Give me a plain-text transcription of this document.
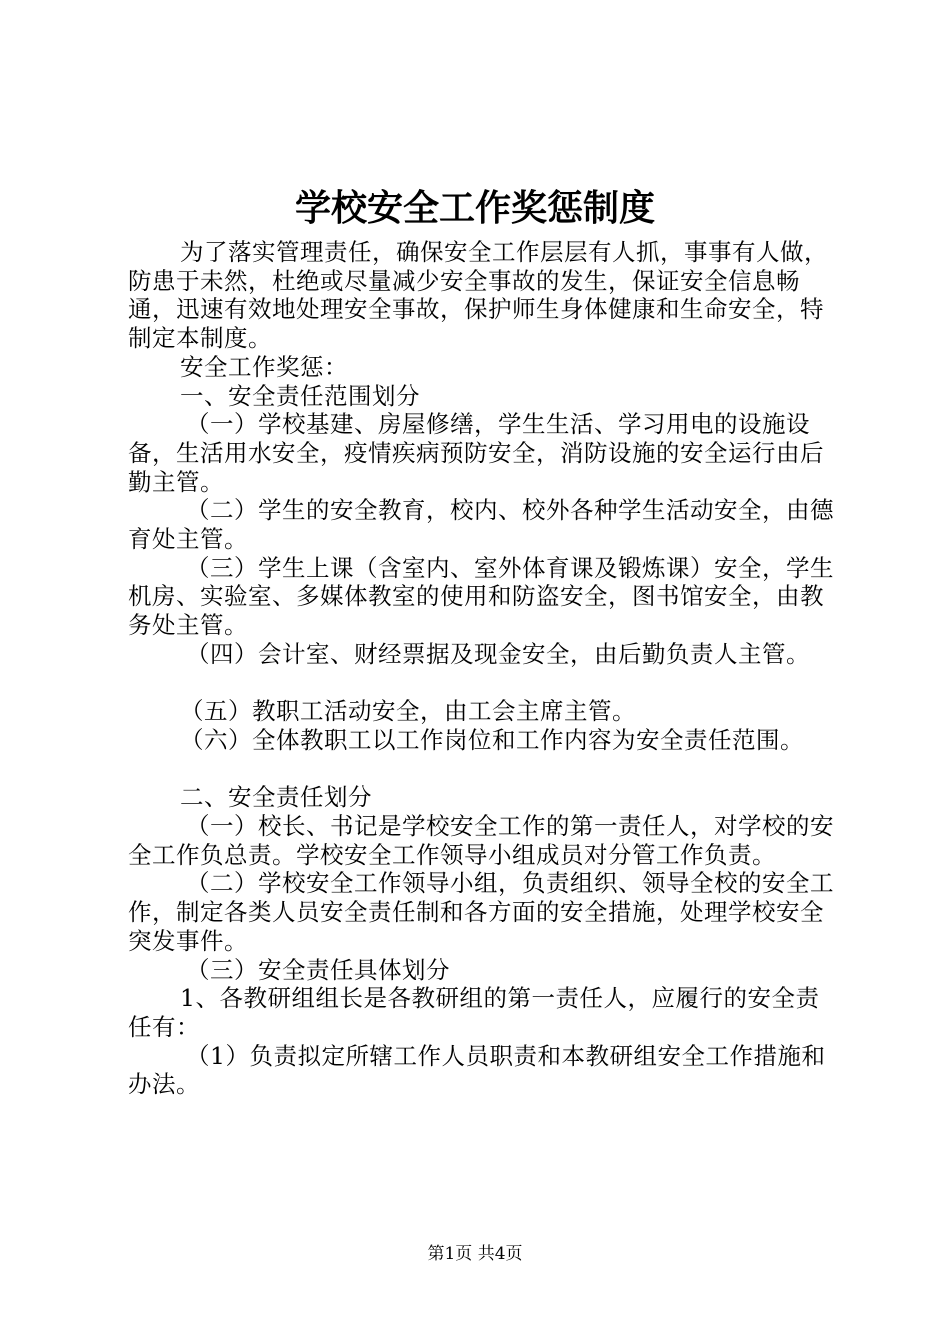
学校安全工作奖惩制度

为了落实管理责任，确保安全工作层层有人抓，事事有人做，防患于未然，杜绝或尽量减少安全事故的发生，保证安全信息畅通，迅速有效地处理安全事故，保护师生身体健康和生命安全，特制定本制度。

安全工作奖惩：

一、安全责任范围划分

（一）学校基建、房屋修缮，学生生活、学习用电的设施设备，生活用水安全，疫情疾病预防安全，消防设施的安全运行由后勤主管。

（二）学生的安全教育，校内、校外各种学生活动安全，由德育处主管。

（三）学生上课（含室内、室外体育课及锻炼课）安全，学生机房、实验室、多媒体教室的使用和防盗安全，图书馆安全，由教务处主管。

（四）会计室、财经票据及现金安全，由后勤负责人主管。

（五）教职工活动安全，由工会主席主管。

（六）全体教职工以工作岗位和工作内容为安全责任范围。

二、安全责任划分

（一）校长、书记是学校安全工作的第一责任人，对学校的安全工作负总责。学校安全工作领导小组成员对分管工作负责。

（二）学校安全工作领导小组，负责组织、领导全校的安全工作，制定各类人员安全责任制和各方面的安全措施，处理学校安全突发事件。

（三）安全责任具体划分

1、各教研组组长是各教研组的第一责任人，应履行的安全责任有：

（1）负责拟定所辖工作人员职责和本教研组安全工作措施和办法。

第1页 共4页
